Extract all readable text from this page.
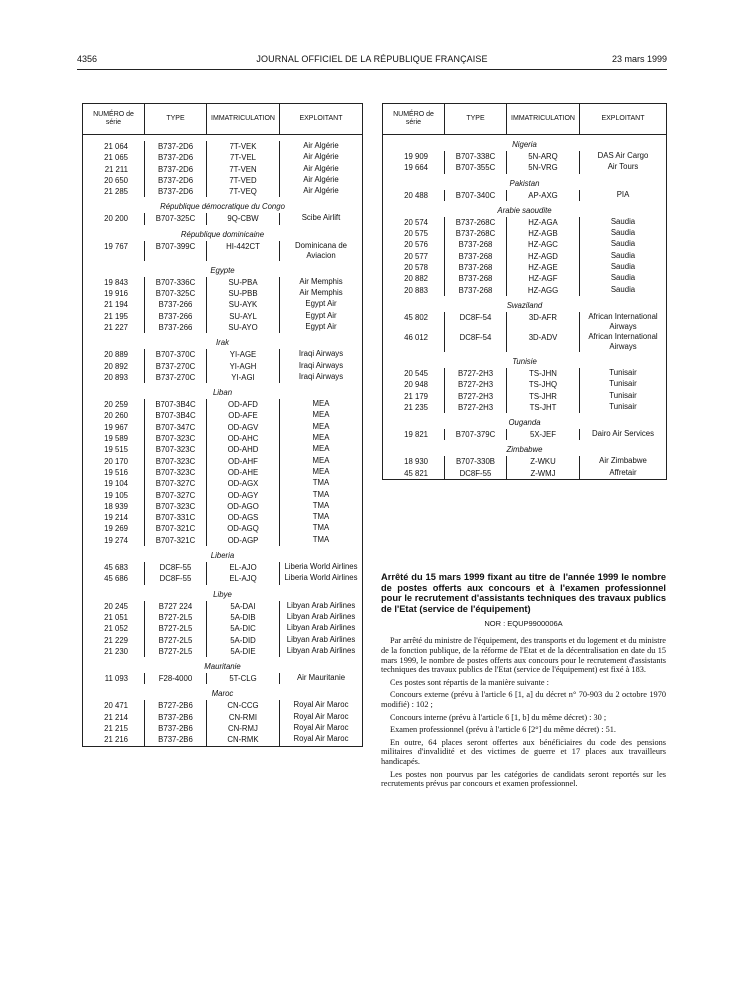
4356	JOURNAL OFFICIEL DE LA RÉPUBLIQUE FRANÇAISE	23 mars 1999
NUMÉRO de série	TYPE	IMMATRICULATION	EXPLOITANT

21 064	B737-2D6	7T-VEK	Air Algérie
21 065	B737-2D6	7T-VEL	Air Algérie
21 211	B737-2D6	7T-VEN	Air Algérie
20 650	B737-2D6	7T-VED	Air Algérie
21 285	B737-2D6	7T-VEQ	Air Algérie
République démocratique du Congo			
20 200	B707-325C	9Q-CBW	Scibe Airlift
République dominicaine			
19 767	B707-399C	HI-442CT	Dominicana de Aviacion
Egypte			
19 843	B707-336C	SU-PBA	Air Memphis
19 916	B707-325C	SU-PBB	Air Memphis
21 194	B737-266	SU-AYK	Egypt Air
21 195	B737-266	SU-AYL	Egypt Air
21 227	B737-266	SU-AYO	Egypt Air
Irak			
20 889	B707-370C	YI-AGE	Iraqi Airways
20 892	B737-270C	YI-AGH	Iraqi Airways
20 893	B737-270C	YI-AGI	Iraqi Airways
Liban			
20 259	B707-3B4C	OD-AFD	MEA
20 260	B707-3B4C	OD-AFE	MEA
19 967	B707-347C	OD-AGV	MEA
19 589	B707-323C	OD-AHC	MEA
19 515	B707-323C	OD-AHD	MEA
20 170	B707-323C	OD-AHF	MEA
19 516	B707-323C	OD-AHE	MEA
19 104	B707-327C	OD-AGX	TMA
19 105	B707-327C	OD-AGY	TMA
18 939	B707-323C	OD-AGO	TMA
19 214	B707-331C	OD-AGS	TMA
19 269	B707-321C	OD-AGQ	TMA
19 274	B707-321C	OD-AGP	TMA
Liberia			
45 683	DC8F-55	EL-AJO	Liberia World Airlines
45 686	DC8F-55	EL-AJQ	Liberia World Airlines
Libye			
20 245	B727 224	5A-DAI	Libyan Arab Airlines
21 051	B727-2L5	5A-DIB	Libyan Arab Airlines
21 052	B727-2L5	5A-DIC	Libyan Arab Airlines
21 229	B727-2L5	5A-DID	Libyan Arab Airlines
21 230	B727-2L5	5A-DIE	Libyan Arab Airlines
Mauritanie			
11 093	F28-4000	5T-CLG	Air Mauritanie
Maroc			
20 471	B727-2B6	CN-CCG	Royal Air Maroc
21 214	B737-2B6	CN-RMI	Royal Air Maroc
21 215	B737-2B6	CN-RMJ	Royal Air Maroc
21 216	B737-2B6	CN-RMK	Royal Air Maroc
NUMÉRO de série	TYPE	IMMATRICULATION	EXPLOITANT
Nigeria			
19 909	B707-338C	5N-ARQ	DAS Air Cargo
19 664	B707-355C	5N-VRG	Air Tours
Pakistan			
20 488	B707-340C	AP-AXG	PIA
Arabie saoudite			
20 574	B737-268C	HZ-AGA	Saudia
20 575	B737-268C	HZ-AGB	Saudia
20 576	B737-268	HZ-AGC	Saudia
20 577	B737-268	HZ-AGD	Saudia
20 578	B737-268	HZ-AGE	Saudia
20 882	B737-268	HZ-AGF	Saudia
20 883	B737-268	HZ-AGG	Saudia
Swaziland			
45 802	DC8F-54	3D-AFR	African International Airways
46 012	DC8F-54	3D-ADV	African International Airways
Tunisie			
20 545	B727-2H3	TS-JHN	Tunisair
20 948	B727-2H3	TS-JHQ	Tunisair
21 179	B727-2H3	TS-JHR	Tunisair
21 235	B727-2H3	TS-JHT	Tunisair
Ouganda			
19 821	B707-379C	5X-JEF	Dairo Air Services
Zimbabwe			
18 930	B707-330B	Z-WKU	Air Zimbabwe
45 821	DC8F-55	Z-WMJ	Affretair
Arrêté du 15 mars 1999 fixant au titre de l'année 1999 le nombre de postes offerts aux concours et à l'examen professionnel pour le recrutement d'assistants techniques des travaux publics de l'Etat (service de l'équipement)
NOR : EQUP9900006A

Par arrêté du ministre de l'équipement, des transports et du logement et du ministre de la fonction publique, de la réforme de l'Etat et de la décentralisation en date du 15 mars 1999, le nombre de postes offerts aux concours pour le recrutement d'assistants techniques des travaux publics de l'Etat (service de l'équipement) est fixé à 183.

Ces postes sont répartis de la manière suivante :

Concours externe (prévu à l'article 6 [1, a] du décret n° 70-903 du 2 octobre 1970 modifié) : 102 ;

Concours interne (prévu à l'article 6 [1, b] du même décret) : 30 ;

Examen professionnel (prévu à l'article 6 [2°] du même décret) : 51.

En outre, 64 places seront offertes aux bénéficiaires du code des pensions militaires d'invalidité et des victimes de guerre et 17 places aux travailleurs handicapés.

Les postes non pourvus par les catégories de candidats seront reportés sur les recrutements prévus par concours et examen professionnel.
